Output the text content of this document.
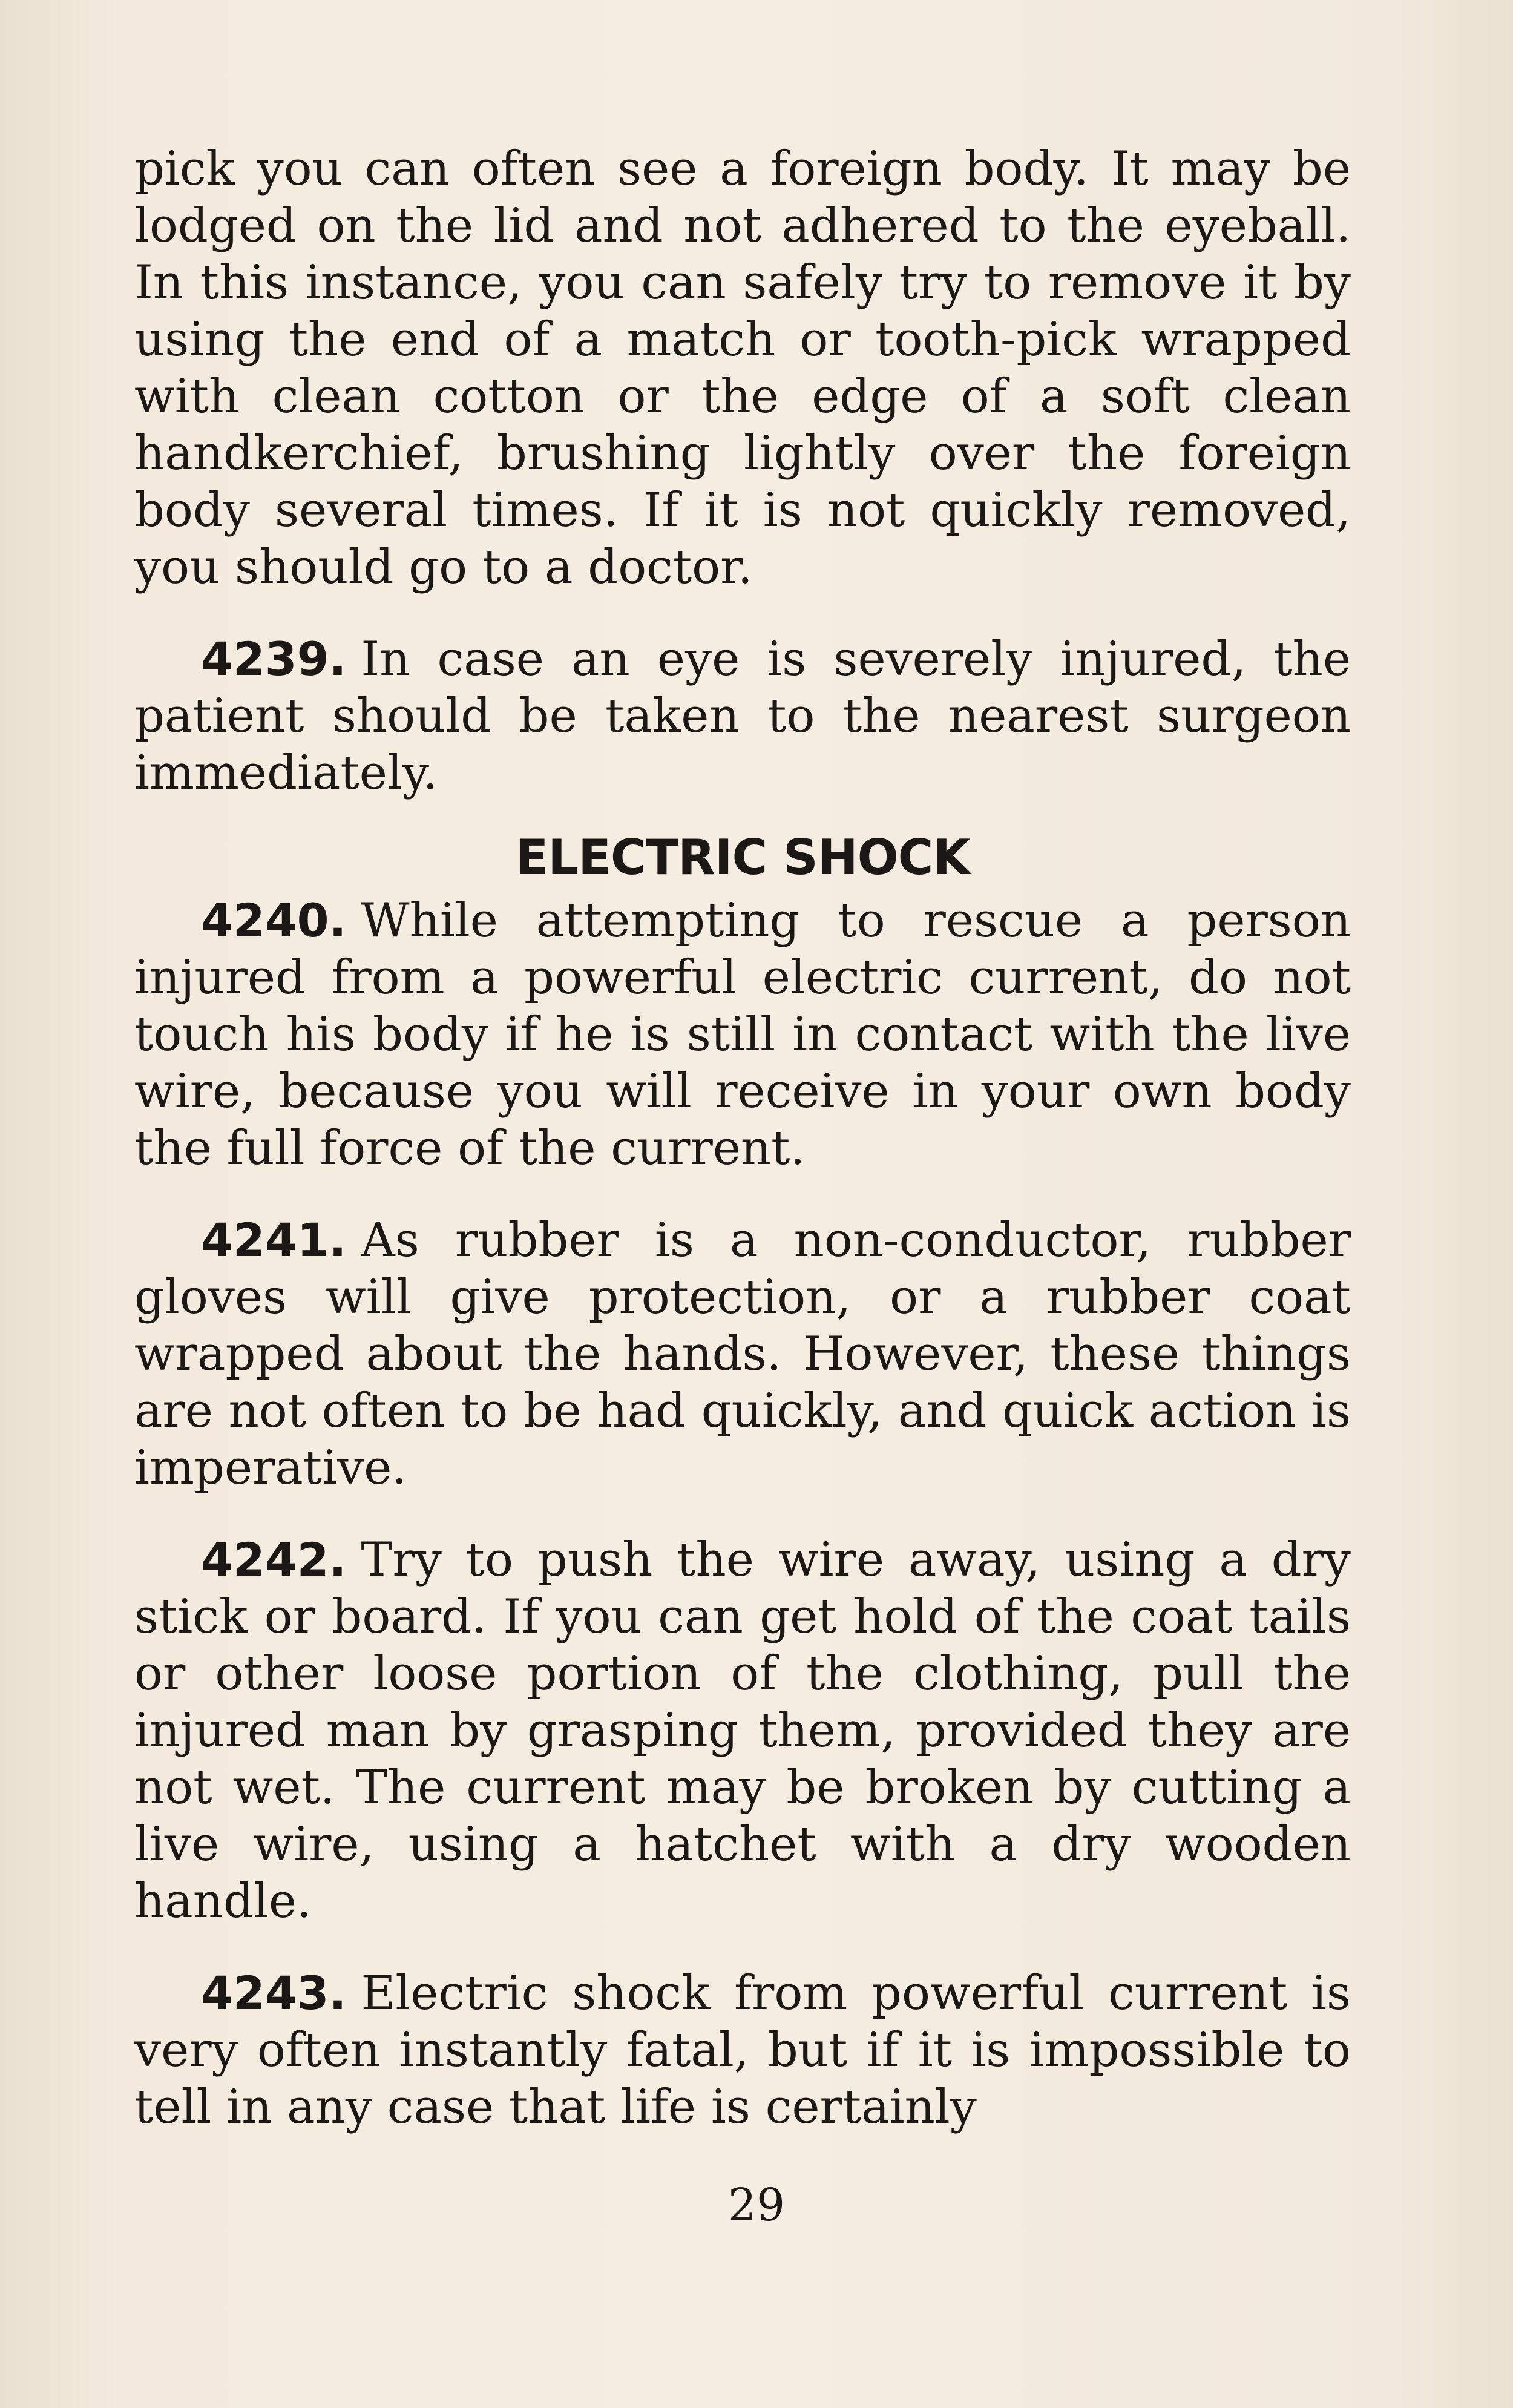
pick you can often see a foreign body. It may be lodged on the lid and not adhered to the eyeball. In this instance, you can safely try to remove it by using the end of a match or tooth-pick wrapped with clean cotton or the edge of a soft clean handkerchief, brushing lightly over the foreign body several times. If it is not quickly removed, you should go to a doctor.

4239. In case an eye is severely injured, the patient should be taken to the nearest surgeon immediately.

ELECTRIC SHOCK

4240. While attempting to rescue a person injured from a powerful electric current, do not touch his body if he is still in contact with the live wire, because you will receive in your own body the full force of the current.

4241. As rubber is a non-conductor, rubber gloves will give protection, or a rubber coat wrapped about the hands. However, these things are not often to be had quickly, and quick action is imperative.

4242. Try to push the wire away, using a dry stick or board. If you can get hold of the coat tails or other loose portion of the clothing, pull the injured man by grasping them, provided they are not wet. The current may be broken by cutting a live wire, using a hatchet with a dry wooden handle.

4243. Electric shock from powerful current is very often instantly fatal, but if it is impossible to tell in any case that life is certainly

29
